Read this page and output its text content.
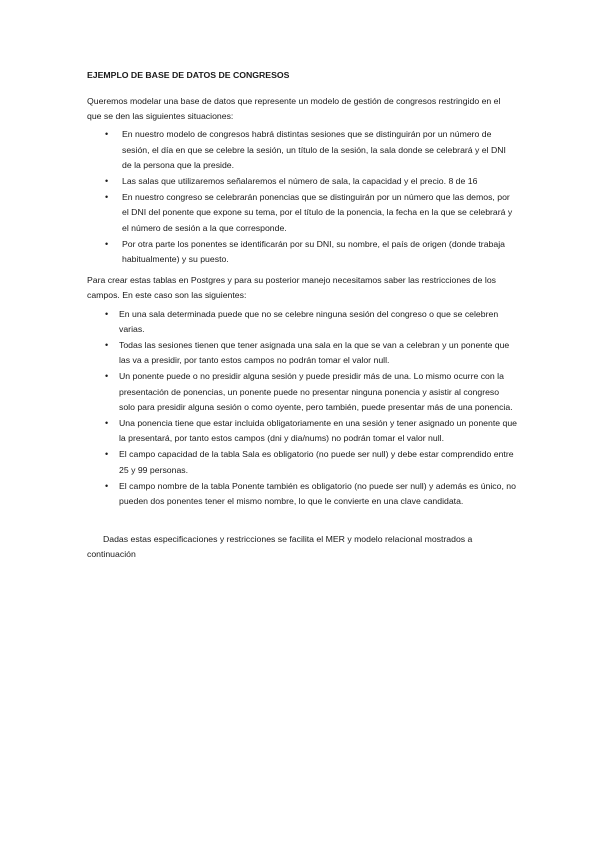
EJEMPLO DE BASE DE DATOS DE CONGRESOS

Queremos modelar una base de datos que represente un modelo de gestión de congresos restringido en el que se den las siguientes situaciones:

• En nuestro modelo de congresos habrá distintas sesiones que se distinguirán por un número de sesión, el día en que se celebre la sesión, un título de la sesión, la sala donde se celebrará y el DNI de la persona que la preside.
• Las salas que utilizaremos señalaremos el número de sala, la capacidad y el precio. 8 de 16
• En nuestro congreso se celebrarán ponencias que se distinguirán por un número que las demos, por el DNI del ponente que expone su tema, por el título de la ponencia, la fecha en la que se celebrará y el número de sesión a la que corresponde.
• Por otra parte los ponentes se identificarán por su DNI, su nombre, el país de origen (donde trabaja habitualmente) y su puesto.

Para crear estas tablas en Postgres y para su posterior manejo necesitamos saber las restricciones de los campos. En este caso son las siguientes:

• En una sala determinada puede que no se celebre ninguna sesión del congreso o que se celebren varias.
• Todas las sesiones tienen que tener asignada una sala en la que se van a celebran y un ponente que las va a presidir, por tanto estos campos no podrán tomar el valor null.
• Un ponente puede o no presidir alguna sesión y puede presidir más de una. Lo mismo ocurre con la presentación de ponencias, un ponente puede no presentar ninguna ponencia y asistir al congreso solo para presidir alguna sesión o como oyente, pero también, puede presentar más de una ponencia.
• Una ponencia tiene que estar incluida obligatoriamente en una sesión y tener asignado un ponente que la presentará, por tanto estos campos (dni y dia/nums) no podrán tomar el valor null.
• El campo capacidad de la tabla Sala es obligatorio (no puede ser null) y debe estar comprendido entre 25 y 99 personas.
• El campo nombre de la tabla Ponente también es obligatorio (no puede ser null) y además es único, no pueden dos ponentes tener el mismo nombre, lo que le convierte en una clave candidata.

Dadas estas especificaciones y restricciones se facilita el MER y modelo relacional mostrados a continuación
